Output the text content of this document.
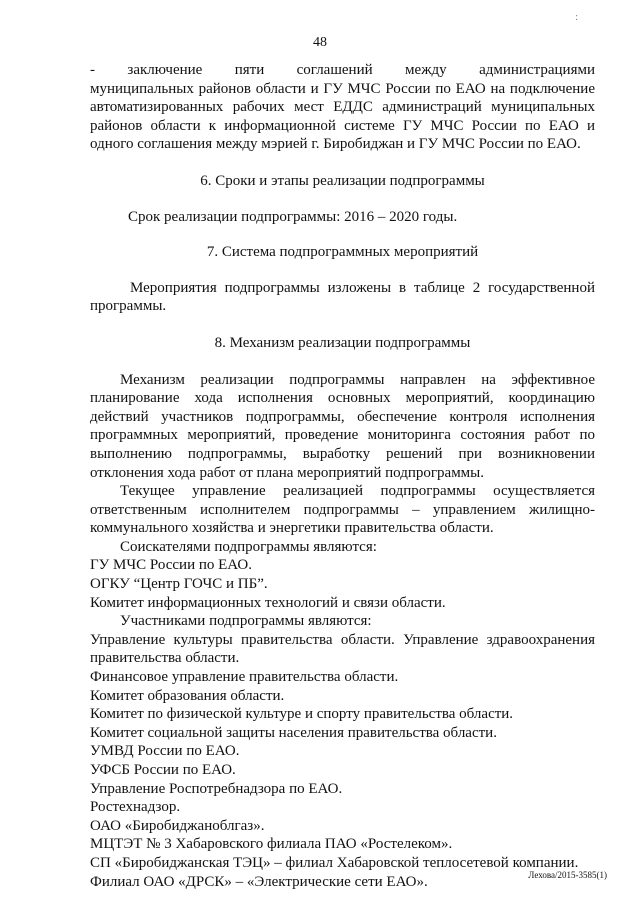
:
48

-    заключение    пяти    соглашений    между    администрациями муниципальных районов области и ГУ МЧС России по ЕАО на подключение автоматизированных рабочих мест ЕДДС администраций муниципальных районов области к информационной системе ГУ МЧС России по ЕАО и одного соглашения между мэрией г. Биробиджан и ГУ МЧС России по ЕАО.

6. Сроки и этапы реализации подпрограммы

Срок реализации подпрограммы: 2016 – 2020 годы.

7. Система подпрограммных мероприятий

Мероприятия подпрограммы изложены в таблице 2 государственной программы.

8. Механизм реализации подпрограммы

Механизм реализации подпрограммы направлен на эффективное планирование хода исполнения основных мероприятий, координацию действий участников подпрограммы, обеспечение контроля исполнения программных мероприятий, проведение мониторинга состояния работ по выполнению подпрограммы, выработку решений при возникновении отклонения хода работ от плана мероприятий подпрограммы.

Текущее управление реализацией подпрограммы осуществляется ответственным исполнителем подпрограммы – управлением жилищно-коммунального хозяйства и энергетики правительства области.

Соискателями подпрограммы являются:

ГУ МЧС России по ЕАО.

ОГКУ “Центр ГОЧС и ПБ”.

Комитет информационных технологий и связи области.

Участниками подпрограммы являются:

Управление культуры правительства области. Управление здравоохранения правительства области.

Финансовое управление правительства области.

Комитет образования области.

Комитет по физической культуре и спорту правительства области.

Комитет социальной защиты населения правительства области.

УМВД России по ЕАО.

УФСБ России по ЕАО.

Управление Роспотребнадзора по ЕАО.

Ростехнадзор.

ОАО «Биробиджаноблгаз».

МЦТЭТ № 3 Хабаровского филиала ПАО «Ростелеком».

СП «Биробиджанская ТЭЦ» – филиал Хабаровской теплосетевой компании.

Филиал ОАО «ДРСК» – «Электрические сети ЕАО».	Лехова/2015-3585(1)
